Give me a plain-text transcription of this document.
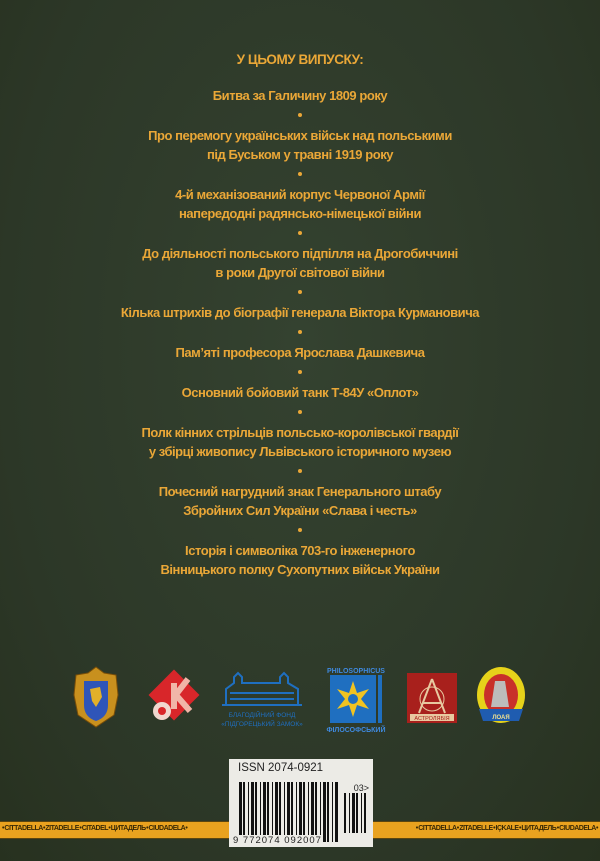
У ЦЬОМУ ВИПУСКУ:
Битва за Галичину 1809 року
Про перемогу українських військ над польськими
під Буськом у травні 1919 року
4-й механізований корпус Червоної Армії
напередодні радянсько-німецької війни
До діяльності польського підпілля на Дрогобиччині
в роки Другої світової війни
Кілька штрихів до біографії генерала Віктора Курмановича
Пам’яті професора Ярослава Дашкевича
Основний бойовий танк Т-84У «Оплот»
Полк кінних стрільців польсько-королівської гвардії
у збірці живопису Львівського історичного музею
Почесний нагрудний знак Генерального штабу
Збройних Сил України «Слава і честь»
Історія і символіка 703-го інженерного
Вінницького полку Сухопутних військ України
БЛАГОДІЙНИЙ ФОНД
«ПІДГОРЕЦЬКИЙ ЗАМОК»
PHILOSOPHICUS
ФІЛОСОФСЬКИЙ
АСТРОЛЯБІЯ	ЛОАЯ
• CITTADELLA • ZITADELLE • CITADEL • ЦИТАДЕЛЬ • CIUDADELA •	• CITTADELLA • ZITADELLE • IÇKALE • ЦИТАДЕЛЬ • CIUDADELA •
ISSN 2074-0921
03>
9 772074 092007
